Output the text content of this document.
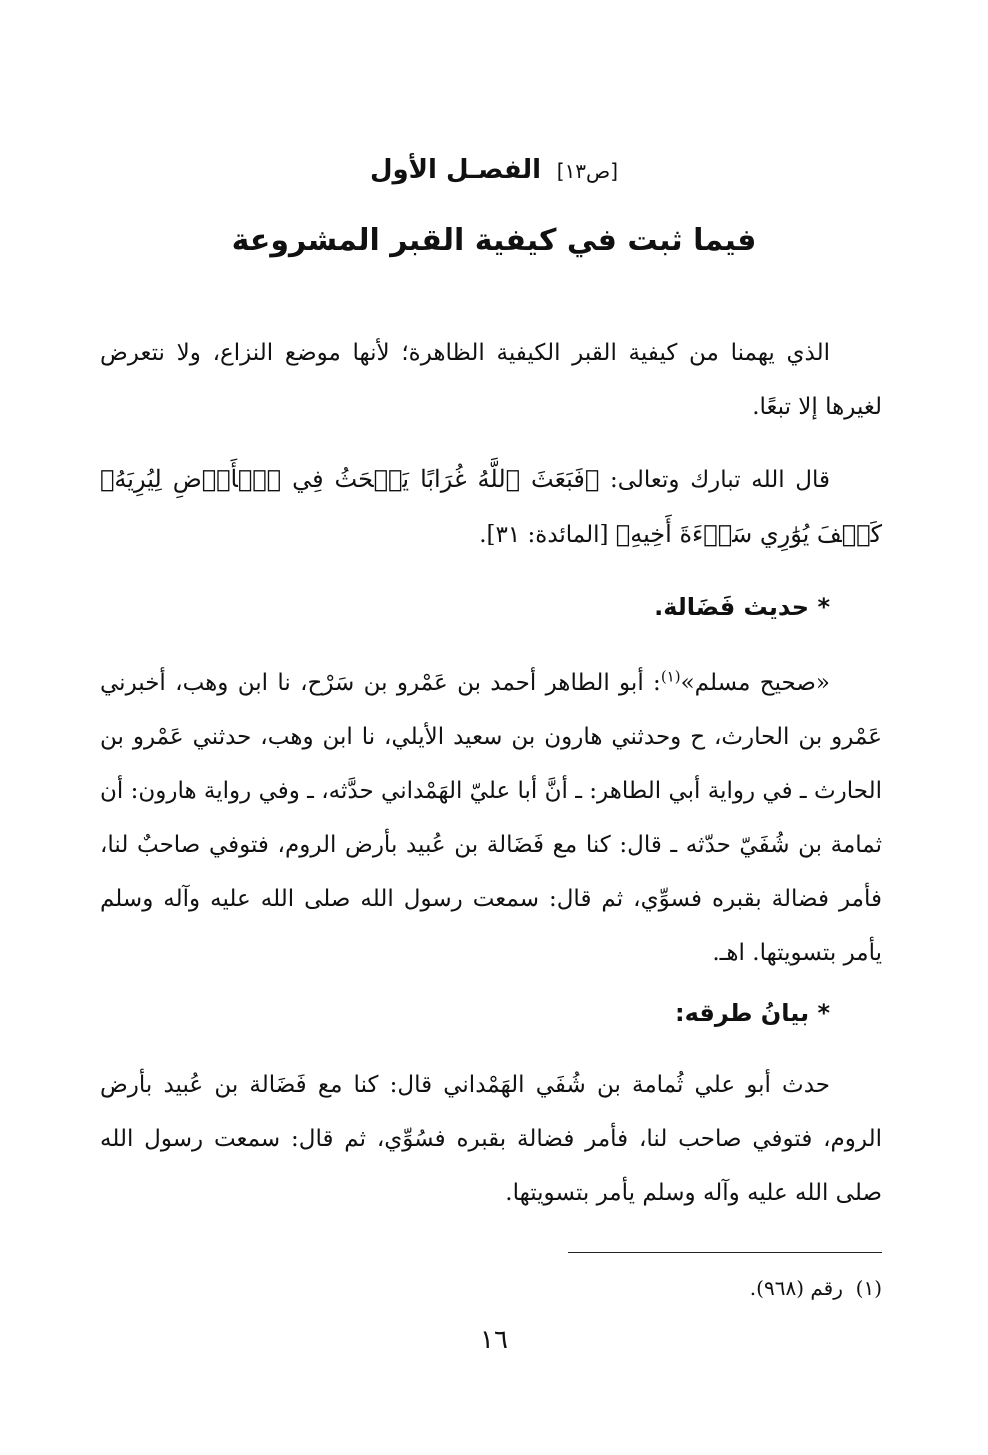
[ص١٣] الفصـل الأول
فيما ثبت في كيفية القبر المشروعة

الذي يهمنا من كيفية القبر الكيفية الظاهرة؛ لأنها موضع النزاع، ولا نتعرض لغيرها إلا تبعًا.

قال الله تبارك وتعالى: ﴿فَبَعَثَ ٱللَّهُ غُرَابًا يَبۡحَثُ فِي ٱلۡأَرۡضِ لِيُرِيَهُۥ كَيۡفَ يُوَٰرِي سَوۡءَةَ أَخِيهِ﴾ [المائدة: ٣١].

* حديث فَضَالة.

«صحيح مسلم»$^{(١)}$: أبو الطاهر أحمد بن عَمْرو بن سَرْح، نا ابن وهب، أخبرني عَمْرو بن الحارث، ح وحدثني هارون بن سعيد الأيلي، نا ابن وهب، حدثني عَمْرو بن الحارث ـ في رواية أبي الطاهر: ـ أنَّ أبا عليّ الهَمْداني حدَّثه، ـ وفي رواية هارون: أن ثمامة بن شُفَيّ حدّثه ـ قال: كنا مع فَضَالة بن عُبيد بأرض الروم، فتوفي صاحبٌ لنا، فأمر فضالة بقبره فسوِّي، ثم قال: سمعت رسول الله صلى الله عليه وآله وسلم يأمر بتسويتها. اهـ.

* بيانُ طرقه:

حدث أبو علي ثُمامة بن شُفَي الهَمْداني قال: كنا مع فَضَالة بن عُبيد بأرض الروم، فتوفي صاحب لنا، فأمر فضالة بقبره فسُوِّي، ثم قال: سمعت رسول الله صلى الله عليه وآله وسلم يأمر بتسويتها.

(١)  رقم (٩٦٨).

١٦
